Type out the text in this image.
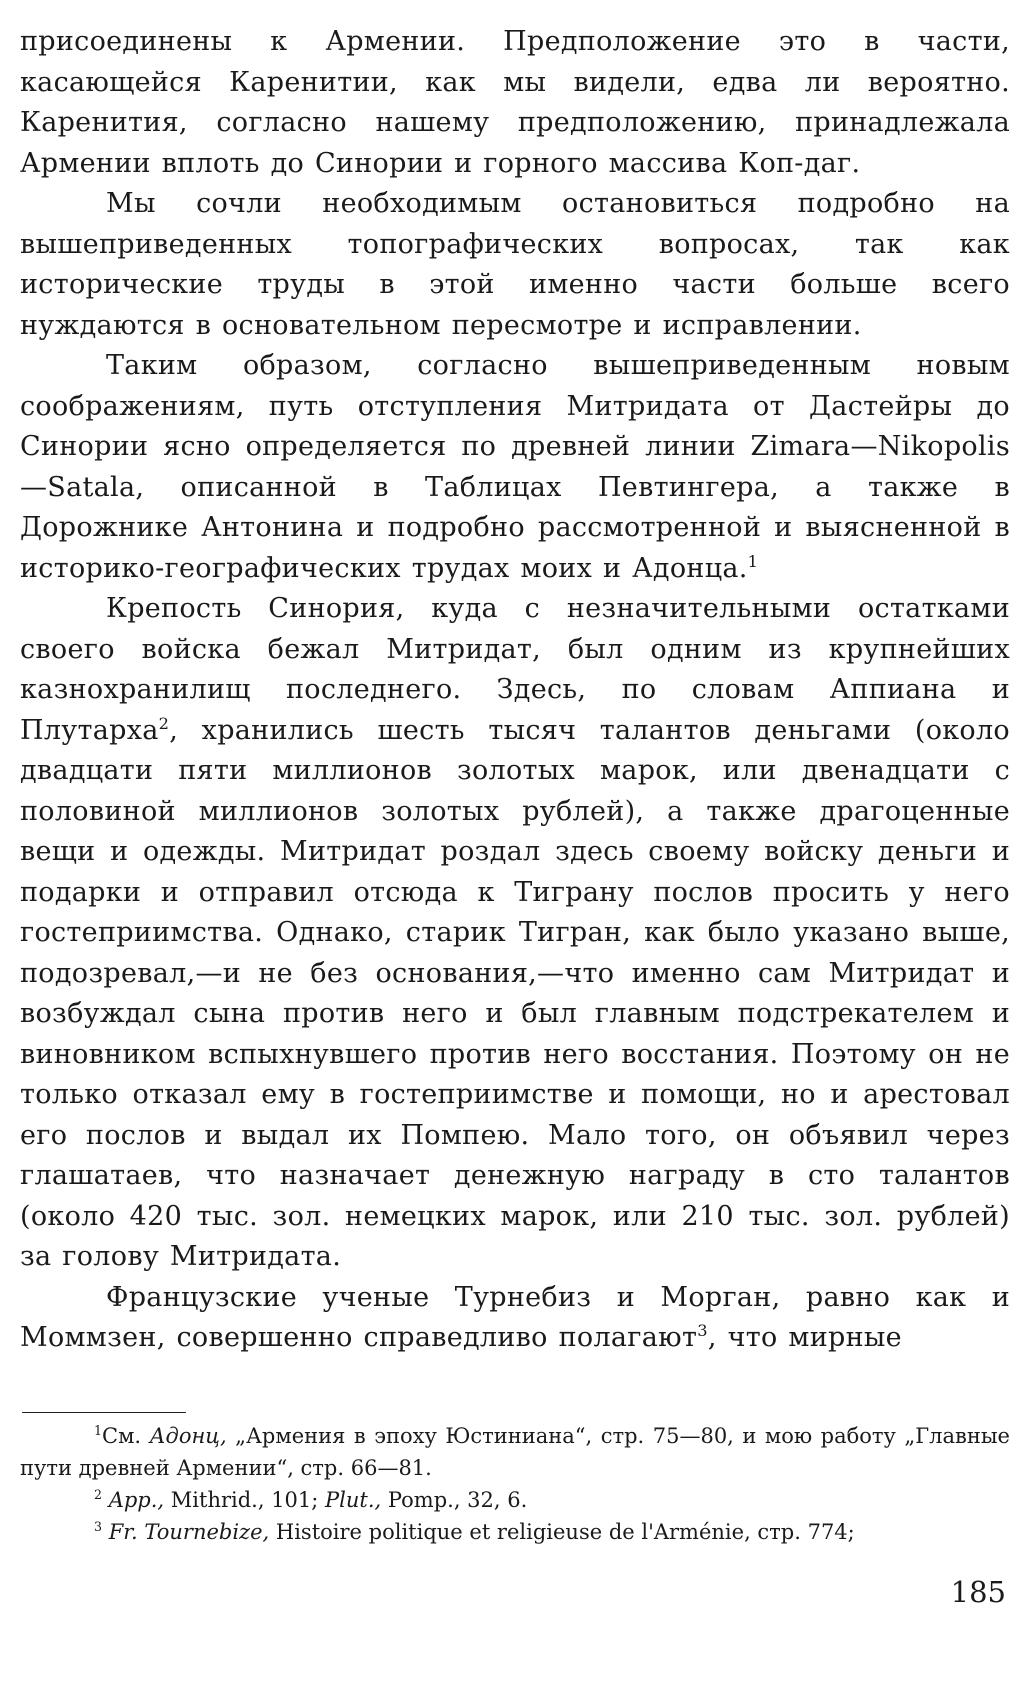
присоединены к Армении. Предположение это в части, касающейся Каренитии, как мы видели, едва ли вероятно. Каренития, согласно нашему предположению, принадлежала Армении вплоть до Синории и горного массива Коп-даг.

Мы сочли необходимым остановиться подробно на вышеприведенных топографических вопросах, так как исторические труды в этой именно части больше всего нуждаются в основательном пересмотре и исправлении.

Таким образом, согласно вышеприведенным новым соображениям, путь отступления Митридата от Дастейры до Синории ясно определяется по древней линии Zimara—Nikopolis—Satala, описанной в Таблицах Певтингера, а также в Дорожнике Антонина и подробно рассмотренной и выясненной в историко-географических трудах моих и Адонца.$^1$

Крепость Синория, куда с незначительными остатками своего войска бежал Митридат, был одним из крупнейших казнохранилищ последнего. Здесь, по словам Аппиана и Плутарха$^2$, хранились шесть тысяч талантов деньгами (около двадцати пяти миллионов золотых марок, или двенадцати с половиной миллионов золотых рублей), а также драгоценные вещи и одежды. Митридат роздал здесь своему войску деньги и подарки и отправил отсюда к Тиграну послов просить у него гостеприимства. Однако, старик Тигран, как было указано выше, подозревал,—и не без основания,—что именно сам Митридат и возбуждал сына против него и был главным подстрекателем и виновником вспыхнувшего против него восстания. Поэтому он не только отказал ему в гостеприимстве и помощи, но и арестовал его послов и выдал их Помпею. Мало того, он объявил через глашатаев, что назначает денежную награду в сто талантов (около 420 тыс. зол. немецких марок, или 210 тыс. зол. рублей) за голову Митридата.

Французские ученые Турнебиз и Морган, равно как и Моммзен, совершенно справедливо полагают$^3$, что мирные

$^1$См. Адонц, „Армения в эпоху Юстиниана“, стр. 75—80, и мою работу „Главные пути древней Армении“, стр. 66—81.

$^2$ App., Mithrid., 101; Plut., Pomp., 32, 6.

$^3$ Fr. Tournebize, Histoire politique et religieuse de l'Arménie, стр. 774;

185
